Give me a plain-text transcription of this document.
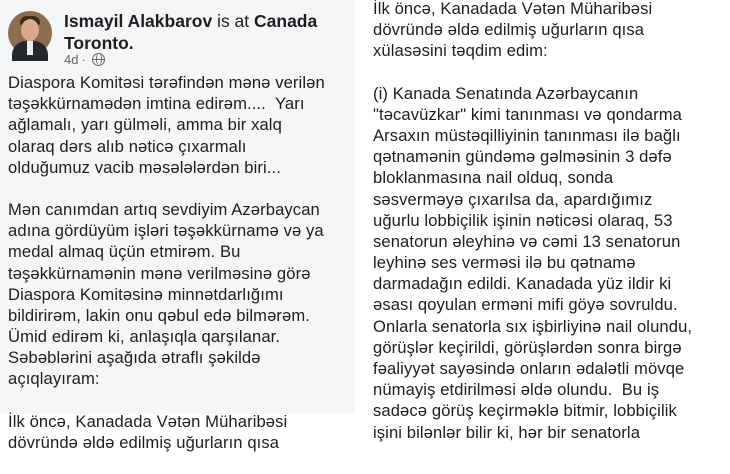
Ismayil Alakbarov is at Canada
Toronto.
4d ·
Diaspora Komitəsi tərəfindən mənə verilən
təşəkkürnamədən imtina edirəm....  Yarı
ağlamalı, yarı gülməli, amma bir xalq
olaraq dərs alıb nəticə çıxarmalı
olduğumuz vacib məsələlərdən biri...
Mən canımdan artıq sevdiyim Azərbaycan
adına gördüyüm işləri təşəkkürnamə və ya
medal almaq üçün etmirəm. Bu
təşəkkürnamənin mənə verilməsinə görə
Diaspora Komitəsinə minnətdarlığımı
bildirirəm, lakin onu qəbul edə bilmərəm.
Ümid edirəm ki, anlaşıqla qarşılanar.
Səbəblərini aşağıda ətraflı şəkildə
açıqlayıram:
İlk öncə, Kanadada Vətən Müharibəsi
dövründə əldə edilmiş uğurların qısa
İlk öncə, Kanadada Vətən Müharibəsi
dövründə əldə edilmiş uğurların qısa
xülasəsini təqdim edim:
(i) Kanada Senatında Azərbaycanın
"təcavüzkar" kimi tanınması və qondarma
Arsaxın müstəqilliyinin tanınması ilə bağlı
qətnamənin gündəmə gəlməsinin 3 dəfə
bloklanmasına nail olduq, sonda
səsverməyə çıxarılsa da, apardığımız
uğurlu lobbiçilik işinin nəticəsi olaraq, 53
senatorun əleyhinə və cəmi 13 senatorun
leyhinə ses verməsi ilə bu qətnamə
darmadağın edildi. Kanadada yüz ildir ki
əsası qoyulan erməni mifi göyə sovruldu.
Onlarla senatorla sıx işbirliyinə nail olundu,
görüşlər keçirildi, görüşlərdən sonra birgə
fəaliyyət sayəsində onların ədalətli mövqe
nümayiş etdirilməsi əldə olundu.  Bu iş
sadəcə görüş keçirməklə bitmir, lobbiçilik
işini bilənlər bilir ki, hər bir senatorla
